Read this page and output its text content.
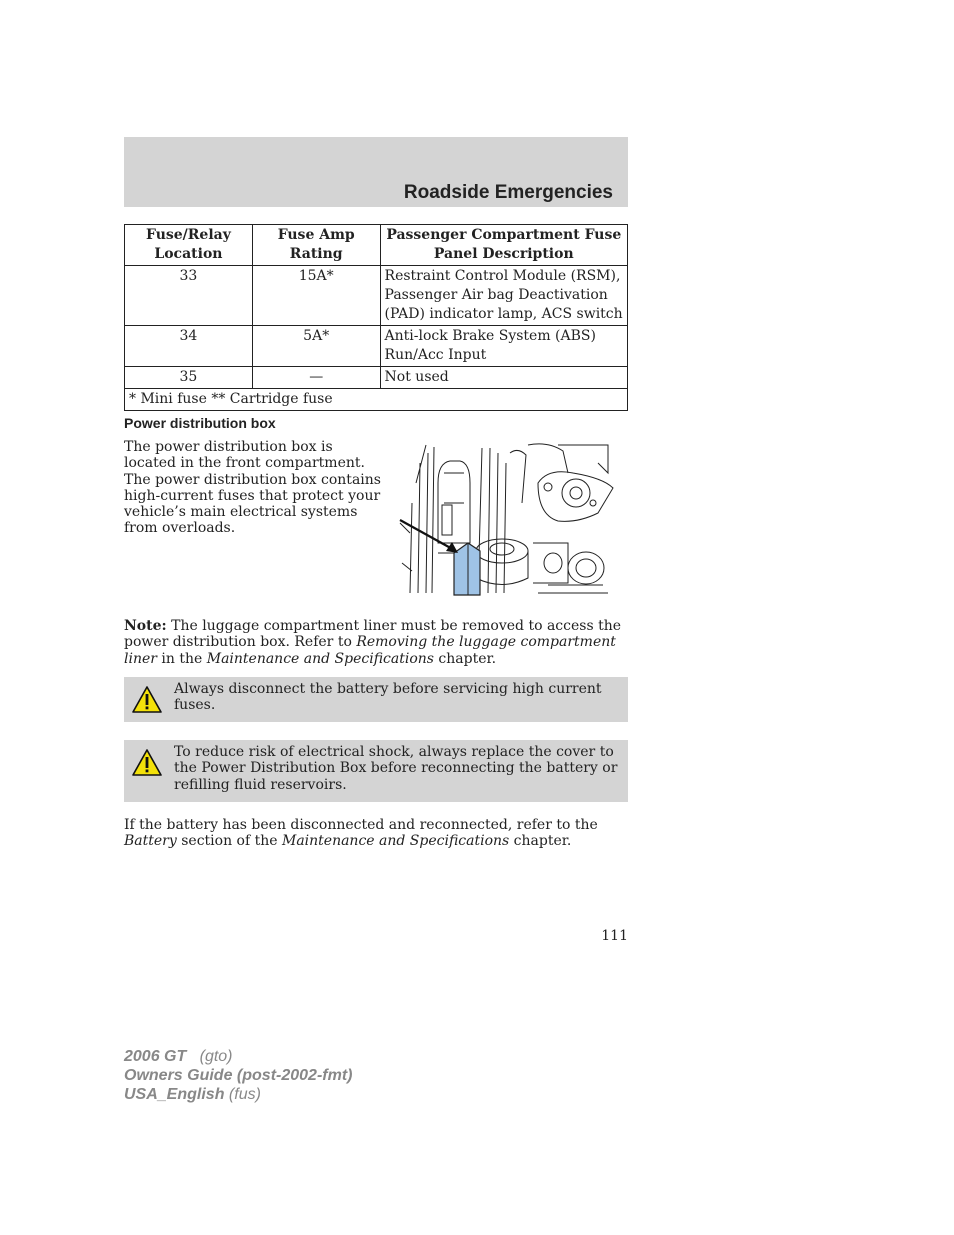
Roadside Emergencies
Fuse/Relay Location	Fuse Amp Rating	Passenger Compartment Fuse Panel Description
33	15A*	Restraint Control Module (RSM), Passenger Air bag Deactivation (PAD) indicator lamp, ACS switch
34	5A*	Anti-lock Brake System (ABS) Run/Acc Input
35	—	Not used
* Mini fuse ** Cartridge fuse		
Power distribution box

The power distribution box is located in the front compartment. The power distribution box contains high-current fuses that protect your vehicle’s main electrical systems from overloads.

Note: The luggage compartment liner must be removed to access the power distribution box. Refer to Removing the luggage compartment liner in the Maintenance and Specifications chapter.

Always disconnect the battery before servicing high current fuses.
To reduce risk of electrical shock, always replace the cover to the Power Distribution Box before reconnecting the battery or refilling fluid reservoirs.

If the battery has been disconnected and reconnected, refer to the Battery section of the Maintenance and Specifications chapter.

111
2006 GT (gto)
Owners Guide (post-2002-fmt)
USA_English (fus)
